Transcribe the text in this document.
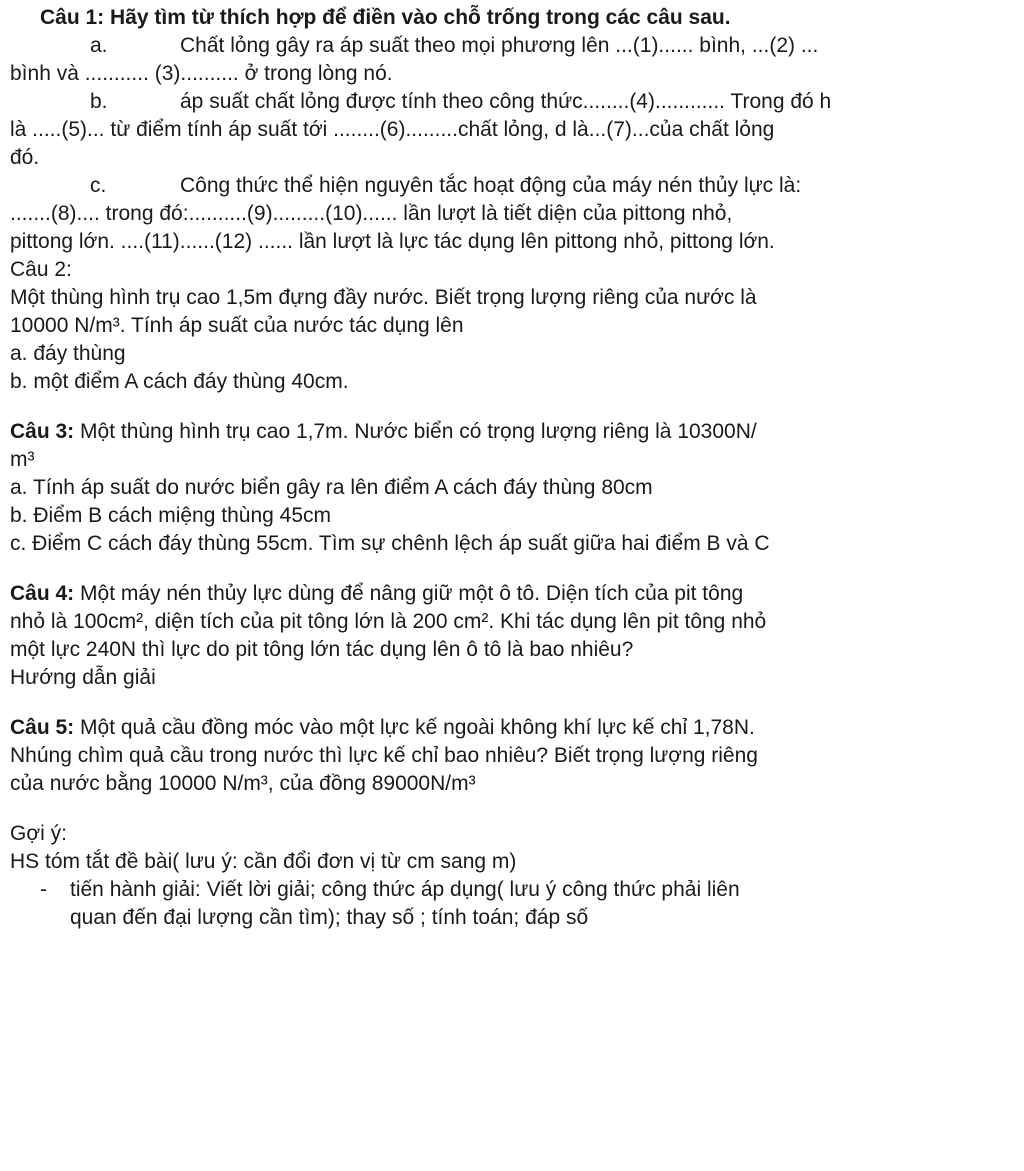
Câu 1: Hãy tìm từ thích hợp để điền vào chỗ trống trong các câu sau.
a.	Chất lỏng gây ra áp suất theo mọi phương lên ...(1)...... bình, ...(2) ...
bình và ........... (3).......... ở trong lòng nó.
b.	áp suất chất lỏng được tính theo công thức........(4)............ Trong đó h
là .....(5)... từ điểm tính áp suất tới ........(6).........chất lỏng, d là...(7)...của chất lỏng
đó.
c.	Công thức thể hiện nguyên tắc hoạt động của máy nén thủy lực là:
.......(8).... trong đó:..........(9).........(10)...... lần lượt là tiết diện của pittong nhỏ,
pittong lớn. ....(11)......(12) ...... lần lượt là lực tác dụng lên pittong nhỏ, pittong lớn.
Câu 2:
Một thùng hình trụ cao 1,5m đựng đầy nước. Biết trọng lượng riêng của nước là
10000 N/m³. Tính áp suất của nước tác dụng lên
a. đáy thùng
b. một điểm A cách đáy thùng 40cm.
Câu 3: Một thùng hình trụ cao 1,7m. Nước biển có trọng lượng riêng là 10300N/
m³
a. Tính áp suất do nước biển gây ra lên điểm A cách đáy thùng 80cm
b. Điểm B cách miệng thùng 45cm
c. Điểm C cách đáy thùng 55cm. Tìm sự chênh lệch áp suất giữa hai điểm B và C
Câu 4: Một máy nén thủy lực dùng để nâng giữ một ô tô. Diện tích của pit tông
nhỏ là 100cm², diện tích của pit tông lớn là 200 cm². Khi tác dụng lên pit tông nhỏ
một lực 240N thì lực do pit tông lớn tác dụng lên ô tô là bao nhiêu?
Hướng dẫn giải
Câu 5: Một quả cầu đồng móc vào một lực kế ngoài không khí lực kế chỉ 1,78N.
Nhúng chìm quả cầu trong nước thì lực kế chỉ bao nhiêu? Biết trọng lượng riêng
của nước bằng 10000 N/m³, của đồng 89000N/m³
Gợi ý:
HS tóm tắt đề bài( lưu ý: cần đổi đơn vị từ cm sang m)
- tiến hành giải: Viết lời giải; công thức áp dụng( lưu ý công thức phải liên
quan đến đại lượng cần tìm); thay số ; tính toán; đáp số
